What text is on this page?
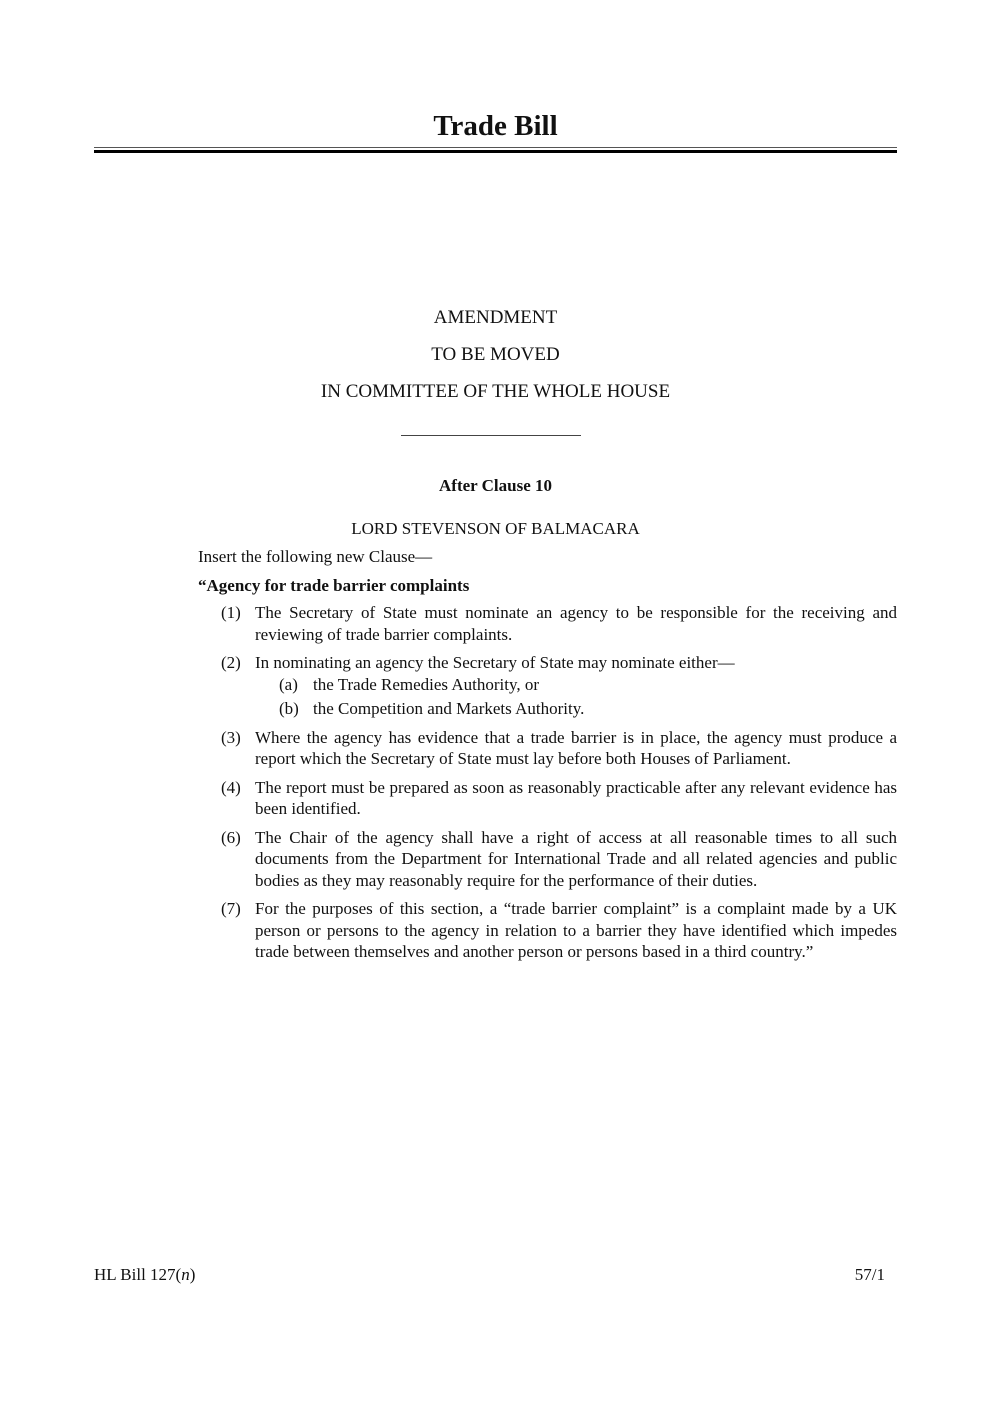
Trade Bill
AMENDMENT
TO BE MOVED
IN COMMITTEE OF THE WHOLE HOUSE
After Clause 10
LORD STEVENSON OF BALMACARA
Insert the following new Clause—
“Agency for trade barrier complaints
(1) The Secretary of State must nominate an agency to be responsible for the receiving and reviewing of trade barrier complaints.
(2) In nominating an agency the Secretary of State may nominate either—
(a) the Trade Remedies Authority, or
(b) the Competition and Markets Authority.
(3) Where the agency has evidence that a trade barrier is in place, the agency must produce a report which the Secretary of State must lay before both Houses of Parliament.
(4) The report must be prepared as soon as reasonably practicable after any relevant evidence has been identified.
(6) The Chair of the agency shall have a right of access at all reasonable times to all such documents from the Department for International Trade and all related agencies and public bodies as they may reasonably require for the performance of their duties.
(7) For the purposes of this section, a “trade barrier complaint” is a complaint made by a UK person or persons to the agency in relation to a barrier they have identified which impedes trade between themselves and another person or persons based in a third country.”
HL Bill 127(n)	57/1
